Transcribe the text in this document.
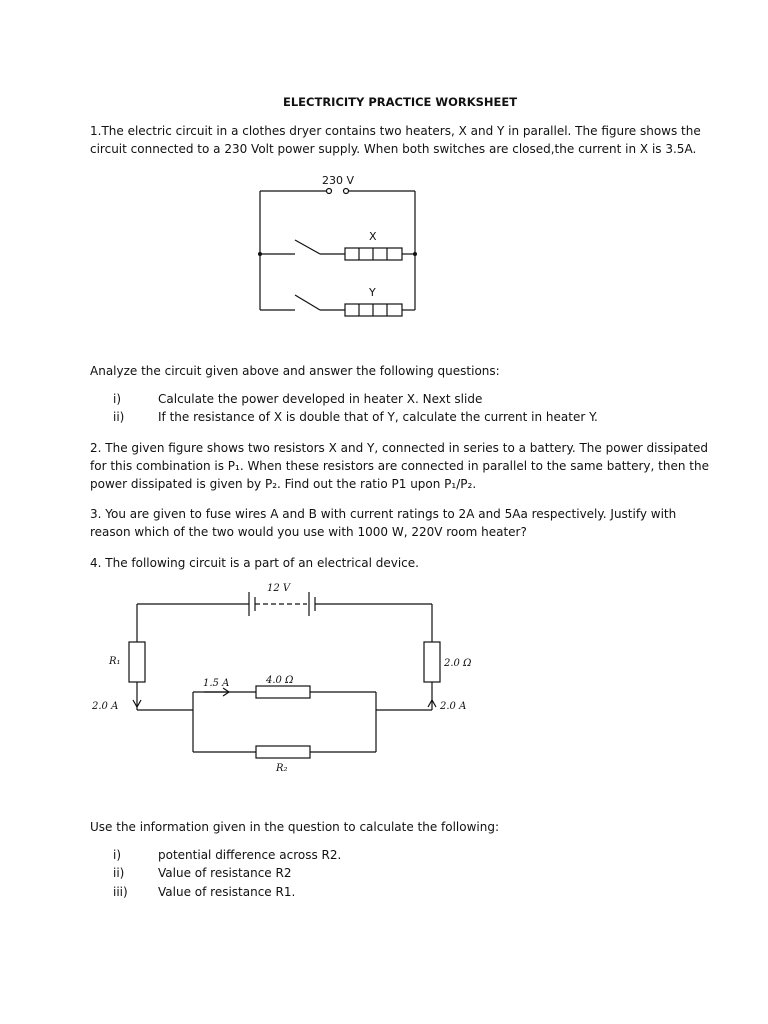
ELECTRICITY PRACTICE WORKSHEET
1.The electric circuit in a clothes dryer contains two heaters, X and Y in parallel. The figure shows the
circuit connected to a 230 Volt power supply. When both switches are closed,the current in X is 3.5A.
230 V
X
Y
Analyze the circuit given above and answer the following questions:
i)	Calculate the power developed in heater X. Next slide
ii)	If the resistance of X is double that of Y, calculate the current in heater Y.
2. The given figure shows two resistors X and Y, connected in series to a battery. The power dissipated
for this combination is P₁. When these resistors are connected in parallel to the same battery, then the
power dissipated is given by P₂. Find out the ratio P1 upon P₁/P₂.
3. You are given to fuse wires A and B with current ratings to 2A and 5Aa respectively. Justify with
reason which of the two would you use with 1000 W, 220V room heater?
4. The following circuit is a part of an electrical device.
12 V
R₁	2.0 Ω
1.5 A	4.0 Ω
2.0 A	2.0 A
R₂
Use the information given in the question to calculate the following:
i)	potential difference across R2.
ii)	Value of resistance R2
iii)	Value of resistance R1.
